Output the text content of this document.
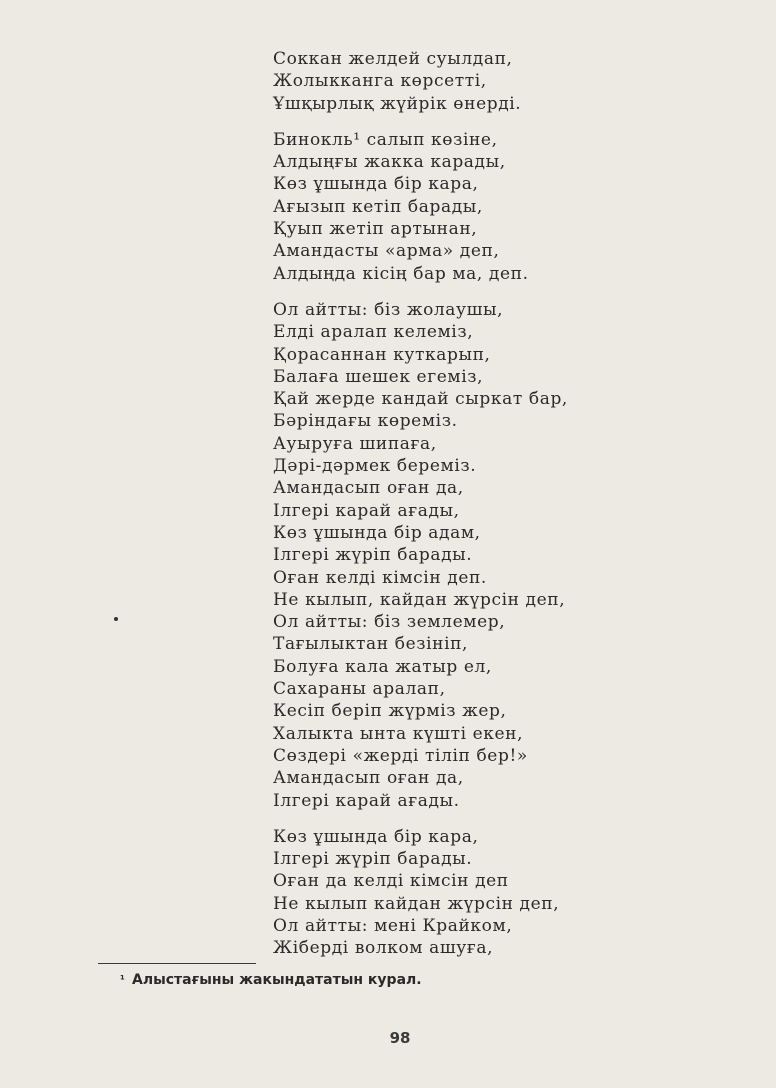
Соккан желдей суылдап,
Жолыкканга көрсетті,
Ұшқырлық жүйрік өнерді.
Бинокль¹ салып көзіне,
Алдыңғы жакка карады,
Көз ұшында бір кара,
Ағызып кетіп барады,
Қуып жетіп артынан,
Амандасты «арма» деп,
Алдыңда кісің бар ма, деп.
Ол айтты: біз жолаушы,
Елді аралап келеміз,
Қорасаннан куткарып,
Балаға шешек егеміз,
Қай жерде кандай сыркат бар,
Бәріндағы көреміз.
Ауыруға шипаға,
Дәрі-дәрмек береміз.
Амандасып оған да,
Ілгері карай ағады,
Көз ұшында бір адам,
Ілгері жүріп барады.
Оған келді кімсін деп.
Не кылып, кайдан жүрсін деп,
Ол айтты: біз землемер,
Тағылыктан безініп,
Болуға кала жатыр ел,
Сахараны аралап,
Кесіп беріп жүрміз жер,
Халыкта ынта күшті екен,
Сөздері «жерді тіліп бер!»
Амандасып оған да,
Ілгері карай ағады.
Көз ұшында бір кара,
Ілгері жүріп барады.
Оған да келді кімсін деп
Не кылып кайдан жүрсін деп,
Ол айтты: мені Крайком,
Жіберді волком ашуға,
¹ Алыстағыны жакындататын курал.
98
